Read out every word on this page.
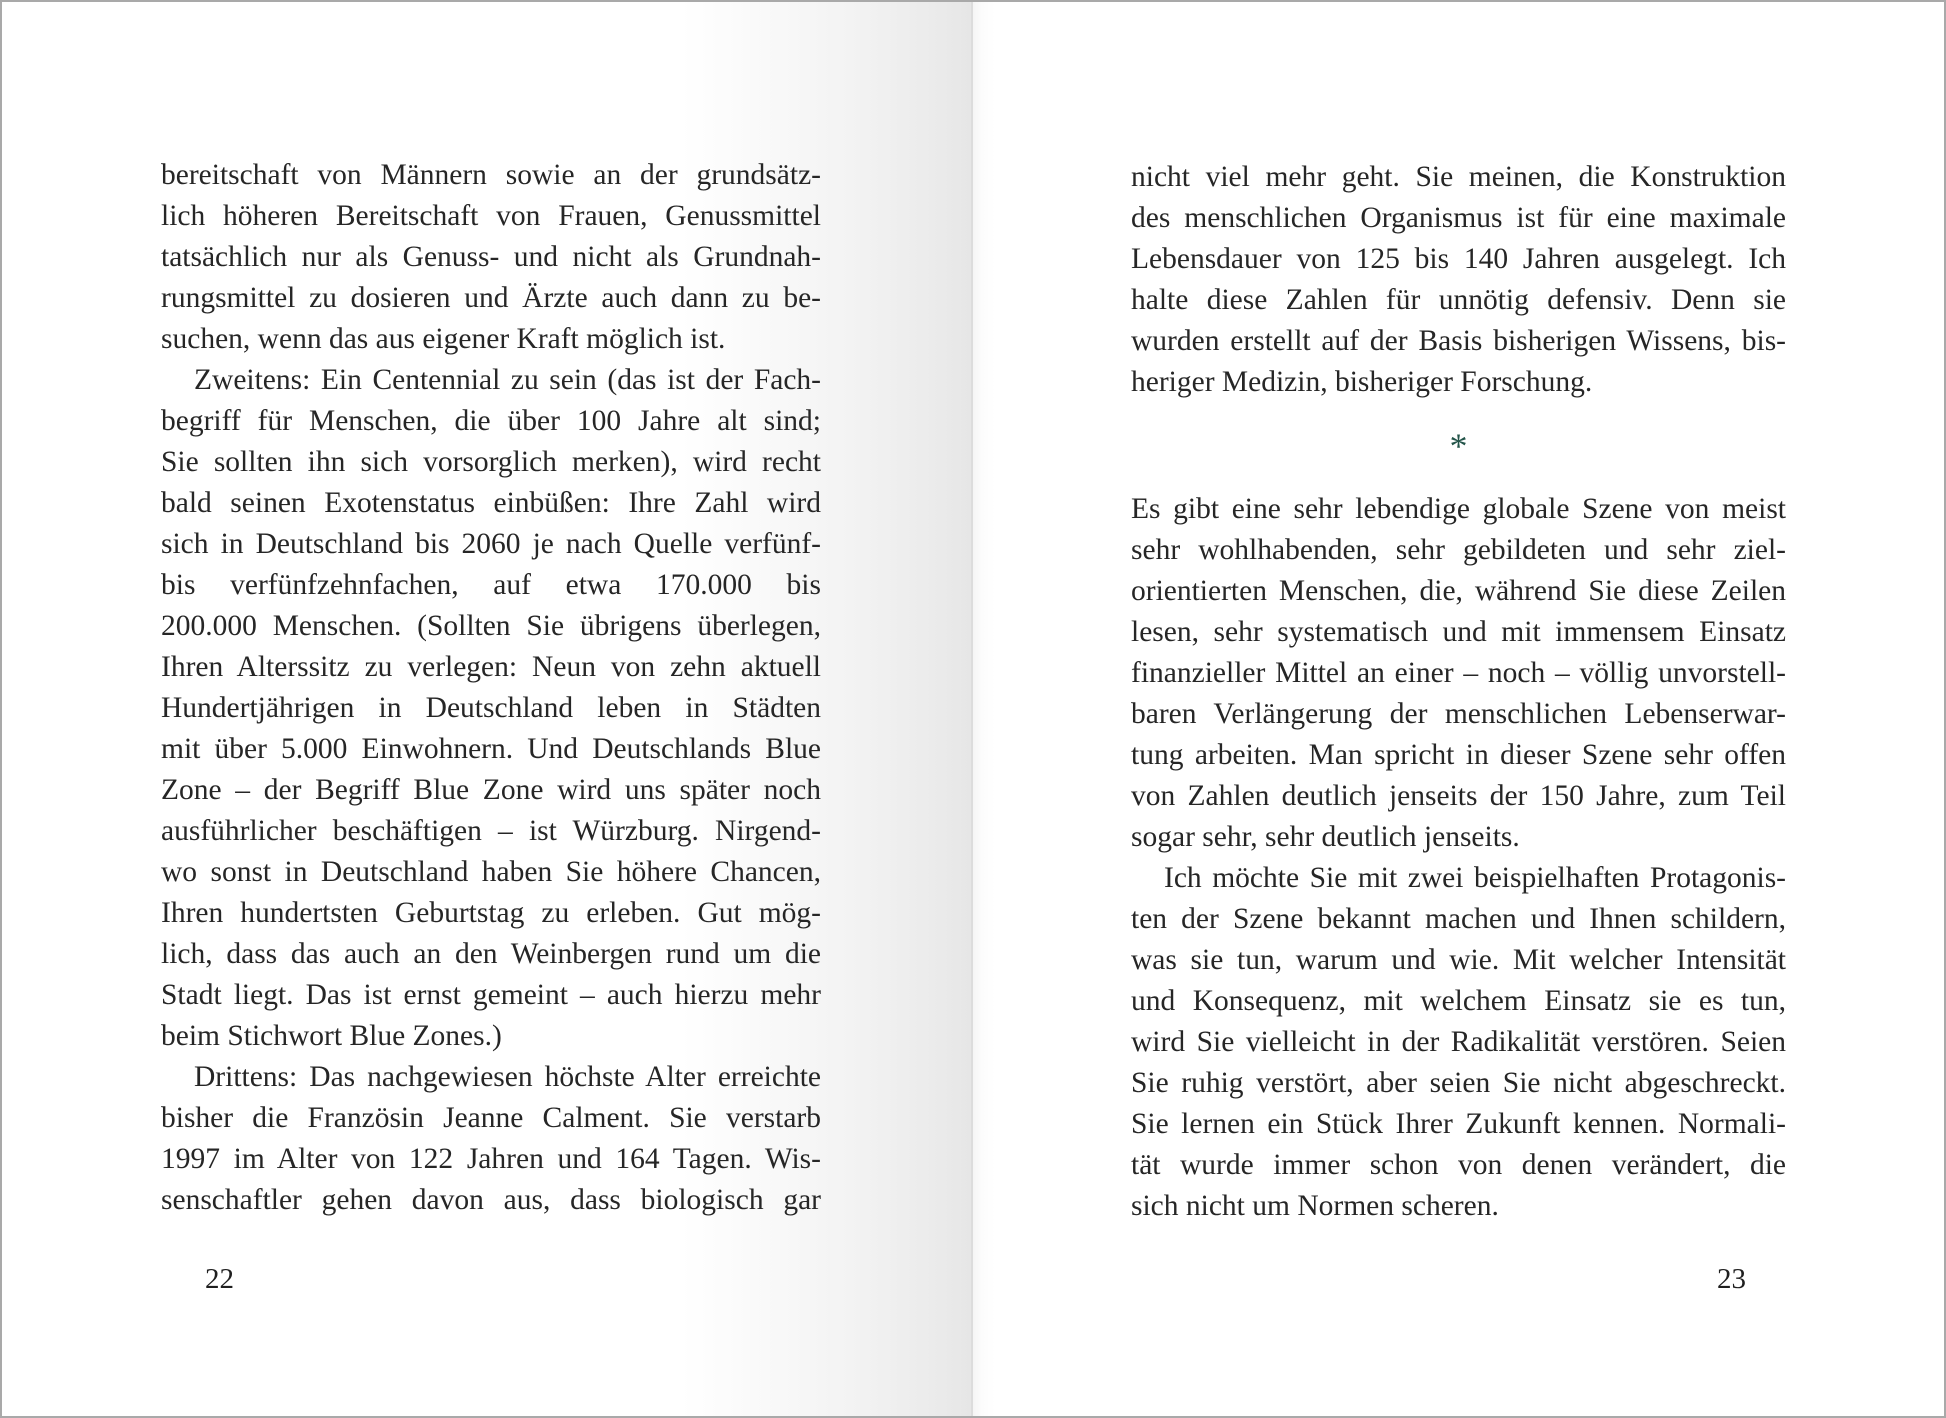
bereitschaft von Männern sowie an der grundsätz-
lich höheren Bereitschaft von Frauen, Genussmittel
tatsächlich nur als Genuss- und nicht als Grundnah-
rungsmittel zu dosieren und Ärzte auch dann zu be-
suchen, wenn das aus eigener Kraft möglich ist.
Zweitens: Ein Centennial zu sein (das ist der Fach-
begriff für Menschen, die über 100 Jahre alt sind;
Sie sollten ihn sich vorsorglich merken), wird recht
bald seinen Exotenstatus einbüßen: Ihre Zahl wird
sich in Deutschland bis 2060 je nach Quelle verfünf-
bis verfünfzehnfachen, auf etwa 170.000 bis
200.000 Menschen. (Sollten Sie übrigens überlegen,
Ihren Alterssitz zu verlegen: Neun von zehn aktuell
Hundertjährigen in Deutschland leben in Städten
mit über 5.000 Einwohnern. Und Deutschlands Blue
Zone – der Begriff Blue Zone wird uns später noch
ausführlicher beschäftigen – ist Würzburg. Nirgend-
wo sonst in Deutschland haben Sie höhere Chancen,
Ihren hundertsten Geburtstag zu erleben. Gut mög-
lich, dass das auch an den Weinbergen rund um die
Stadt liegt. Das ist ernst gemeint – auch hierzu mehr
beim Stichwort Blue Zones.)
Drittens: Das nachgewiesen höchste Alter erreichte
bisher die Französin Jeanne Calment. Sie verstarb
1997 im Alter von 122 Jahren und 164 Tagen. Wis-
senschaftler gehen davon aus, dass biologisch gar
nicht viel mehr geht. Sie meinen, die Konstruktion
des menschlichen Organismus ist für eine maximale
Lebensdauer von 125 bis 140 Jahren ausgelegt. Ich
halte diese Zahlen für unnötig defensiv. Denn sie
wurden erstellt auf der Basis bisherigen Wissens, bis-
heriger Medizin, bisheriger Forschung.
*
Es gibt eine sehr lebendige globale Szene von meist
sehr wohlhabenden, sehr gebildeten und sehr ziel-
orientierten Menschen, die, während Sie diese Zeilen
lesen, sehr systematisch und mit immensem Einsatz
finanzieller Mittel an einer – noch – völlig unvorstell-
baren Verlängerung der menschlichen Lebenserwar-
tung arbeiten. Man spricht in dieser Szene sehr offen
von Zahlen deutlich jenseits der 150 Jahre, zum Teil
sogar sehr, sehr deutlich jenseits.
Ich möchte Sie mit zwei beispielhaften Protagonis-
ten der Szene bekannt machen und Ihnen schildern,
was sie tun, warum und wie. Mit welcher Intensität
und Konsequenz, mit welchem Einsatz sie es tun,
wird Sie vielleicht in der Radikalität verstören. Seien
Sie ruhig verstört, aber seien Sie nicht abgeschreckt.
Sie lernen ein Stück Ihrer Zukunft kennen. Normali-
tät wurde immer schon von denen verändert, die
sich nicht um Normen scheren.
22	23
